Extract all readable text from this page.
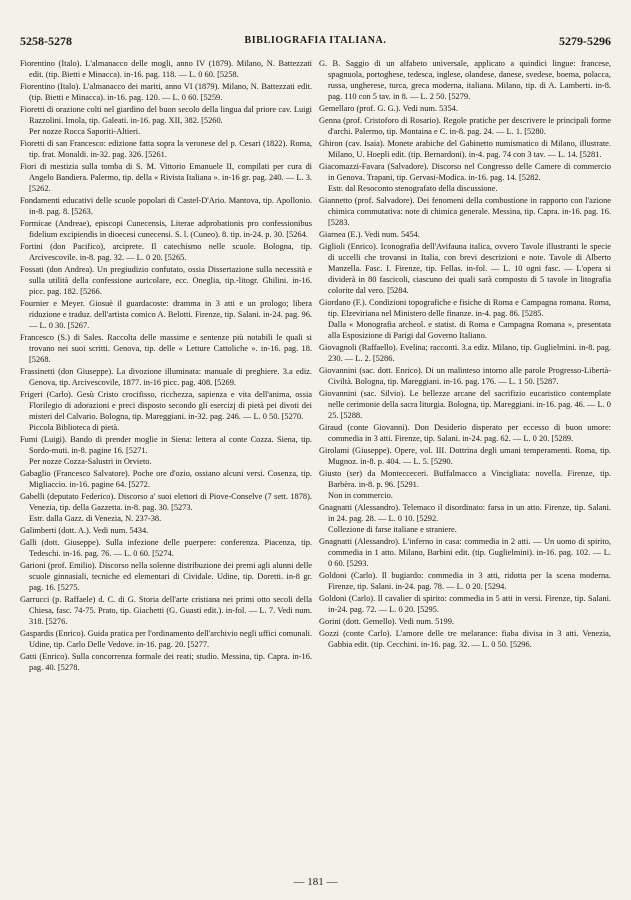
5258-5278	BIBLIOGRAFIA ITALIANA.	5279-5296
Fiorentino (Italo). L'almanacco delle mogli, anno IV (1879). Milano, N. Battezzati edit. (tip. Bietti e Minacca). in-16. pag. 118. — L. 0 60. [5258.
Fiorentino (Italo). L'almanacco dei mariti, anno VI (1879). Milano, N. Battezzati edit. (tip. Bietti e Minacca). in-16. pag. 120. — L. 0 60. [5259.
Fioretti di orazione colti nel giardino del buon secolo della lingua dal priore cav. Luigi Razzolini. Imola, tip. Galeati. in-16. pag. XII, 382. [5260.
Per nozze Rocca Saporiti-Altieri.
Fioretti di san Francesco: edizione fatta sopra la veronese del p. Cesari (1822). Roma, tip. frat. Monaldi. in-32. pag. 326. [5261.
Fiori di mestizia sulla tomba di S. M. Vittorio Emanuele II, compilati per cura di Angelo Bandiera. Palermo, tip. della « Rivista Italiana ». in-16 gr. pag. 240. — L. 3. [5262.
Fondamenti educativi delle scuole popolari di Castel-D'Ario. Mantova, tip. Apollonio. in-8. pag. 8. [5263.
Formicae (Andreae), episcopi Cunecensis, Literae adprobationis pro confessionibus fidelium excipiendis in dioecesi cunecensi. S. l. (Cuneo). 8. tip. in-24. p. 30. [5264.
Fortini (don Pacifico), arciprete. Il catechismo nelle scuole. Bologna, tip. Arcivescovile. in-8. pag. 32. — L. 0 20. [5265.
Fossati (don Andrea). Un pregiudizio confutato, ossia Dissertazione sulla necessità e sulla utilità della confessione auricolare, ecc. Oneglia, tip.-litogr. Ghilini. in-16. picc. pag. 182. [5266.
Fournier e Meyer. Giosuè il guardacoste: dramma in 3 atti e un prologo; libera riduzione e traduz. dell'artista comico A. Belotti. Firenze, tip. Salani. in-24. pag. 96. — L. 0 30. [5267.
Francesco (S.) di Sales. Raccolta delle massime e sentenze più notabili le quali si trovano nei suoi scritti. Genova, tip. delle « Letture Cattoliche ». in-16. pag. 18. [5268.
Frassinetti (don Giuseppe). La divozione illuminata: manuale di preghiere. 3.a ediz. Genova, tip. Arcivescovile, 1877. in-16 picc. pag. 408. [5269.
Frigeri (Carlo). Gesù Cristo crocifisso, ricchezza, sapienza e vita dell'anima, ossia Florilegio di adorazioni e preci disposto secondo gli esercizj di pietà pei divoti dei misteri del Calvario. Bologna, tip. Mareggiani. in-32. pag. 246. — L. 0 50. [5270.
Piccola Biblioteca di pietà.
Fumi (Luigi). Bando di prender moglie in Siena: lettera al conte Cozza. Siena, tip. Sordo-muti. in-8. pagine 16. [5271.
Per nozze Cozza-Salustri in Orvieto.
Gabaglio (Francesco Salvatore). Poche ore d'ozio, ossiano alcuni versi. Cosenza, tip. Migliaccio. in-16. pagine 64. [5272.
Gabelli (deputato Federico). Discorso a' suoi elettori di Piove-Conselve (7 sett. 1878). Venezia, tip. della Gazzetta. in-8. pag. 30. [5273.
Estr. dalla Gazz. di Venezia, N. 237-38.
Galimberti (dott. A.). Vedi num. 5434.
Galli (dott. Giuseppe). Sulla infezione delle puerpere: conferenza. Piacenza, tip. Tedeschi. in-16. pag. 76. — L. 0 60. [5274.
Garioni (prof. Emilio). Discorso nella solenne distribuzione dei premi agli alunni delle scuole ginnasiali, tecniche ed elementari di Cividale. Udine, tip. Doretti. in-8 gr. pag. 16. [5275.
Garrucci (p. Raffaele) d. C. di G. Storia dell'arte cristiana nei primi otto secoli della Chiesa, fasc. 74-75. Prato, tip. Giachetti (G. Guasti edit.). in-fol. — L. 7. Vedi num. 318. [5276.
Gaspardis (Enrico). Guida pratica per l'ordinamento dell'archivio negli uffici comunali. Udine, tip. Carlo Delle Vedove. in-16. pag. 20. [5277.
Gatti (Enrico). Sulla concorrenza formale dei reati; studio. Messina, tip. Capra. in-16. pag. 40. [5278.
G. B. Saggio di un alfabeto universale, applicato a quindici lingue: francese, spagnuola, portoghese, tedesca, inglese, olandese, danese, svedese, boema, polacca, russa, ungherese, turca, greca moderna, italiana. Milano, tip. di A. Lamberti. in-8. pag. 110 con 5 tav. in 8. — L. 2 50. [5279.
Gemellaro (prof. G. G.). Vedi num. 5354.
Genna (prof. Cristoforo di Rosario). Regole pratiche per descrivere le principali forme d'archi. Palermo, tip. Montaina e C. in-8. pag. 24. — L. 1. [5280.
Ghiron (cav. Isaia). Monete arabiche del Gabinetto numismatico di Milano, illustrate. Milano, U. Hoepli edit. (tip. Bernardoni). in-4. pag. 74 con 3 tav. — L. 14. [5281.
Giacomazzi-Favara (Salvadore). Discorso nel Congresso delle Camere di commercio in Genova. Trapani, tip. Gervasi-Modica. in-16. pag. 14. [5282.
Estr. dal Resoconto stenografato della discussione.
Giannetto (prof. Salvadore). Dei fenomeni della combustione in rapporto con l'azione chimica commutativa: note di chimica generale. Messina, tip. Capra. in-16. pag. 16. [5283.
Giarnea (E.). Vedi num. 5454.
Giglioli (Enrico). Iconografia dell'Avifauna italica, ovvero Tavole illustranti le specie di uccelli che trovansi in Italia, con brevi descrizioni e note. Tavole di Alberto Manzella. Fasc. I. Firenze, tip. Fellas. in-fol. — L. 10 ogni fasc. — L'opera si dividerà in 80 fascicoli, ciascuno dei quali sarà composto di 5 tavole in litografia colorite dal vero. [5284.
Giordano (F.). Condizioni topografiche e fisiche di Roma e Campagna romana. Roma, tip. Elzeviriana nel Ministero delle finanze. in-4. pag. 86. [5285.
Dalla « Monografia archeol. e statist. di Roma e Campagna Romana », presentata alla Esposizione di Parigi dal Governo Italiano.
Giovagnoli (Raffaello). Evelina; racconti. 3.a ediz. Milano, tip. Guglielmini. in-8. pag. 230. — L. 2. [5286.
Giovannini (sac. dott. Enrico). Di un malinteso intorno alle parole Progresso-Libertà-Civiltà. Bologna, tip. Mareggiani. in-16. pag. 176. — L. 1 50. [5287.
Giovannini (sac. Silvio). Le bellezze arcane del sacrifizio eucaristico contemplate nelle cerimonie della sacra liturgia. Bologna, tip. Mareggiani. in-16. pag. 46. — L. 0 25. [5288.
Giraud (conte Giovanni). Don Desiderio disperato per eccesso di buon umore: commedia in 3 atti. Firenze, tip. Salani. in-24. pag. 62. — L. 0 20. [5289.
Girolami (Giuseppe). Opere, vol. III. Dottrina degli umani temperamenti. Roma, tip. Mugnoz. in-8. p. 404. — L. 5. [5290.
Giusto (ser) da Montecceceri. Buffalmacco a Vincigliata: novella. Firenze, tip. Barbèra. in-8. p. 96. [5291.
Non in commercio.
Gnagnatti (Alessandro). Telemaco il disordinato: farsa in un atto. Firenze, tip. Salani. in 24. pag. 28. — L. 0 10. [5292.
Collezione di farse italiane e straniere.
Gnagnatti (Alessandro). L'inferno in casa: commedia in 2 atti. — Un uomo di spirito, commedia in 1 atto. Milano, Barbini edit. (tip. Guglielmini). in-16. pag. 102. — L. 0 60. [5293.
Goldoni (Carlo). Il bugiardo: commedia in 3 atti, ridotta per la scena moderna. Firenze, tip. Salani. in-24. pag. 78. — L. 0 20. [5294.
Goldoni (Carlo). Il cavalier di spirito: commedia in 5 atti in versi. Firenze, tip. Salani. in-24. pag. 72. — L. 0 20. [5295.
Gorini (dott. Gemello). Vedi num. 5199.
Gozzi (conte Carlo). L'amore delle tre melarance: fiaba divisa in 3 atti. Venezia, Gabbia edit. (tip. Cecchini. in-16. pag. 32. — L. 0 50. [5296.
— 181 —
